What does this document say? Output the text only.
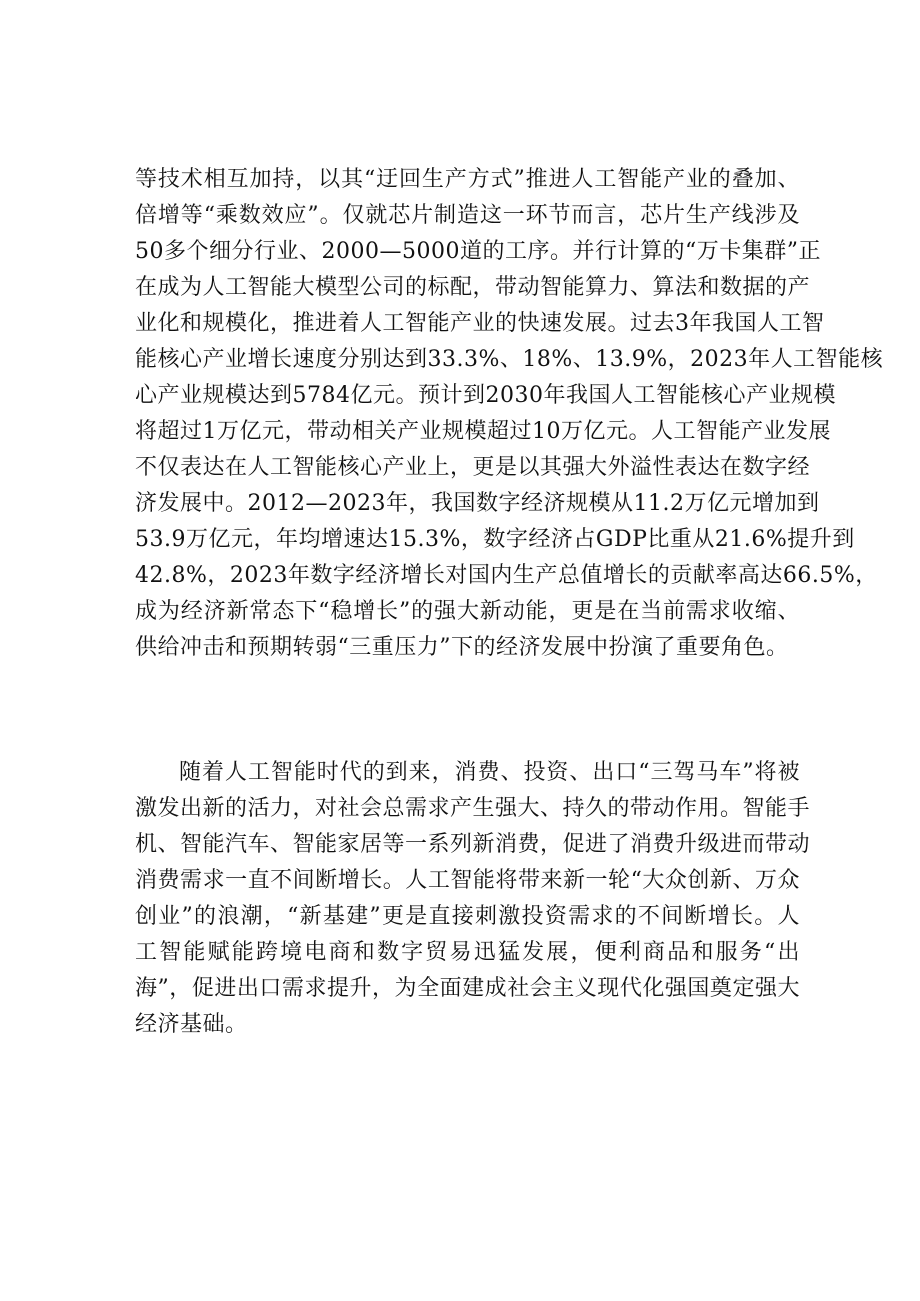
等技术相互加持，以其“迂回生产方式”推进人工智能产业的叠加、
倍增等“乘数效应”。仅就芯片制造这一环节而言，芯片生产线涉及
50多个细分行业、2000—5000道的工序。并行计算的“万卡集群”正
在成为人工智能大模型公司的标配，带动智能算力、算法和数据的产
业化和规模化，推进着人工智能产业的快速发展。过去3年我国人工智
能核心产业增长速度分别达到33.3%、18%、13.9%，2023年人工智能核
心产业规模达到5784亿元。预计到2030年我国人工智能核心产业规模
将超过1万亿元，带动相关产业规模超过10万亿元。人工智能产业发展
不仅表达在人工智能核心产业上，更是以其强大外溢性表达在数字经
济发展中。2012—2023年，我国数字经济规模从11.2万亿元增加到
53.9万亿元，年均增速达15.3%，数字经济占GDP比重从21.6%提升到
42.8%，2023年数字经济增长对国内生产总值增长的贡献率高达66.5%，
成为经济新常态下“稳增长”的强大新动能，更是在当前需求收缩、
供给冲击和预期转弱“三重压力”下的经济发展中扮演了重要角色。
随着人工智能时代的到来，消费、投资、出口“三驾马车”将被
激发出新的活力，对社会总需求产生强大、持久的带动作用。智能手
机、智能汽车、智能家居等一系列新消费，促进了消费升级进而带动
消费需求一直不间断增长。人工智能将带来新一轮“大众创新、万众
创业”的浪潮，“新基建”更是直接刺激投资需求的不间断增长。人
工智能赋能跨境电商和数字贸易迅猛发展，便利商品和服务“出
海”，促进出口需求提升，为全面建成社会主义现代化强国奠定强大
经济基础。
